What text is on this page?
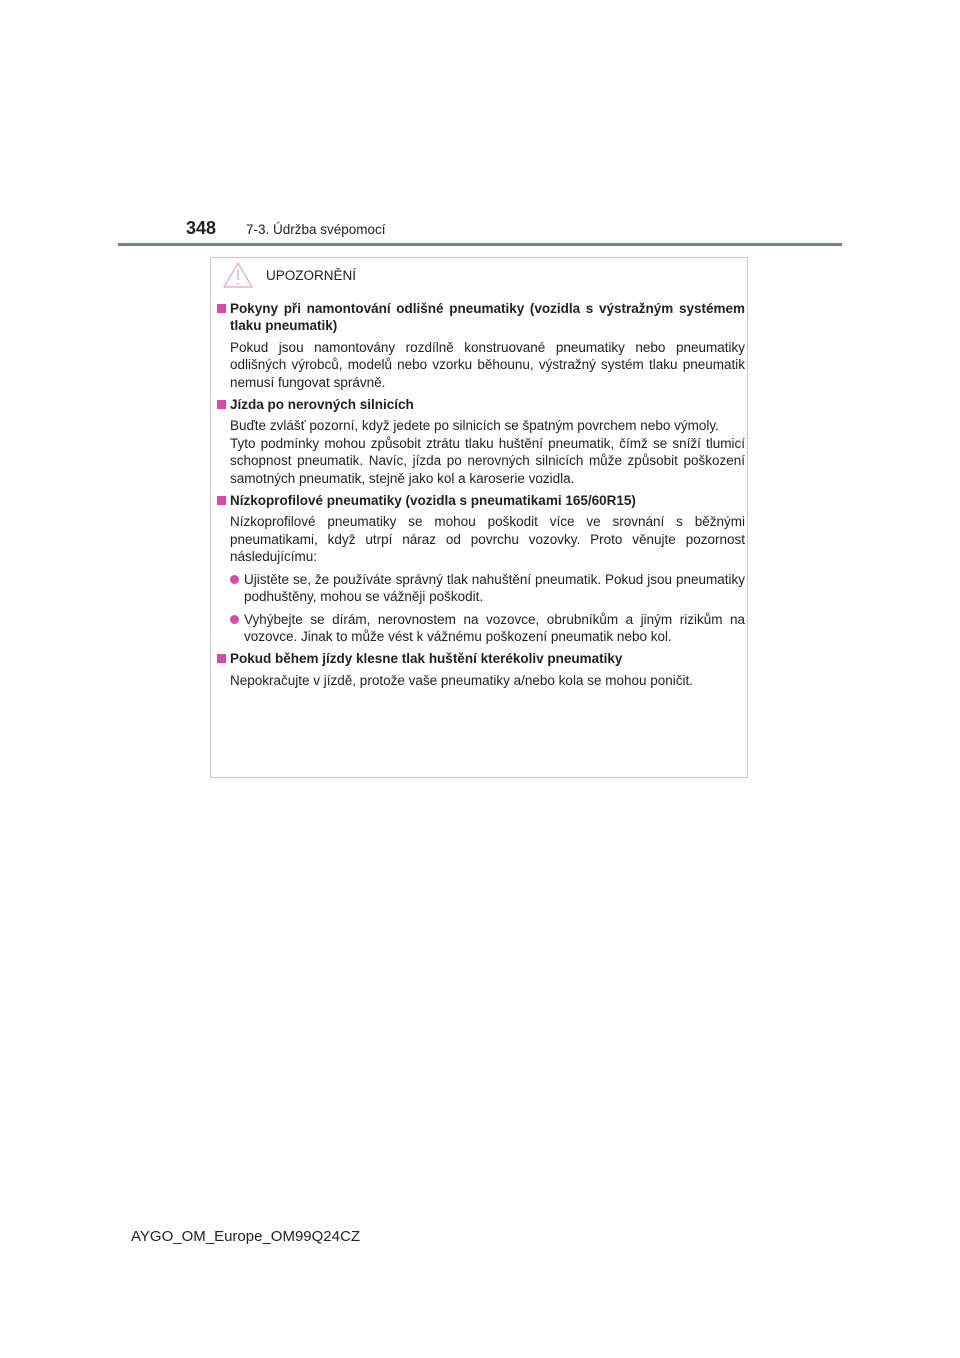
348 7-3. Údržba svépomocí
UPOZORNĚNÍ
Pokyny při namontování odlišné pneumatiky (vozidla s výstražným systémem tlaku pneumatik)

Pokud jsou namontovány rozdílně konstruované pneumatiky nebo pneumatiky odlišných výrobců, modelů nebo vzorku běhounu, výstražný systém tlaku pneumatik nemusí fungovat správně.

Jízda po nerovných silnicích

Buďte zvlášť pozorní, když jedete po silnicích se špatným povrchem nebo výmoly.

Tyto podmínky mohou způsobit ztrátu tlaku huštění pneumatik, čímž se sníží tlumicí schopnost pneumatik. Navíc, jízda po nerovných silnicích může způsobit poškození samotných pneumatik, stejně jako kol a karoserie vozidla.

Nízkoprofilové pneumatiky (vozidla s pneumatikami 165/60R15)

Nízkoprofilové pneumatiky se mohou poškodit více ve srovnání s běžnými pneumatikami, když utrpí náraz od povrchu vozovky. Proto věnujte pozornost následujícímu:

Ujistěte se, že používáte správný tlak nahuštění pneumatik. Pokud jsou pneumatiky podhuštěny, mohou se vážněji poškodit.
Vyhýbejte se dírám, nerovnostem na vozovce, obrubníkům a jiným rizikům na vozovce. Jinak to může vést k vážnému poškození pneumatik nebo kol.
Pokud během jízdy klesne tlak huštění kterékoliv pneumatiky

Nepokračujte v jízdě, protože vaše pneumatiky a/nebo kola se mohou poničit.

AYGO_OM_Europe_OM99Q24CZ
